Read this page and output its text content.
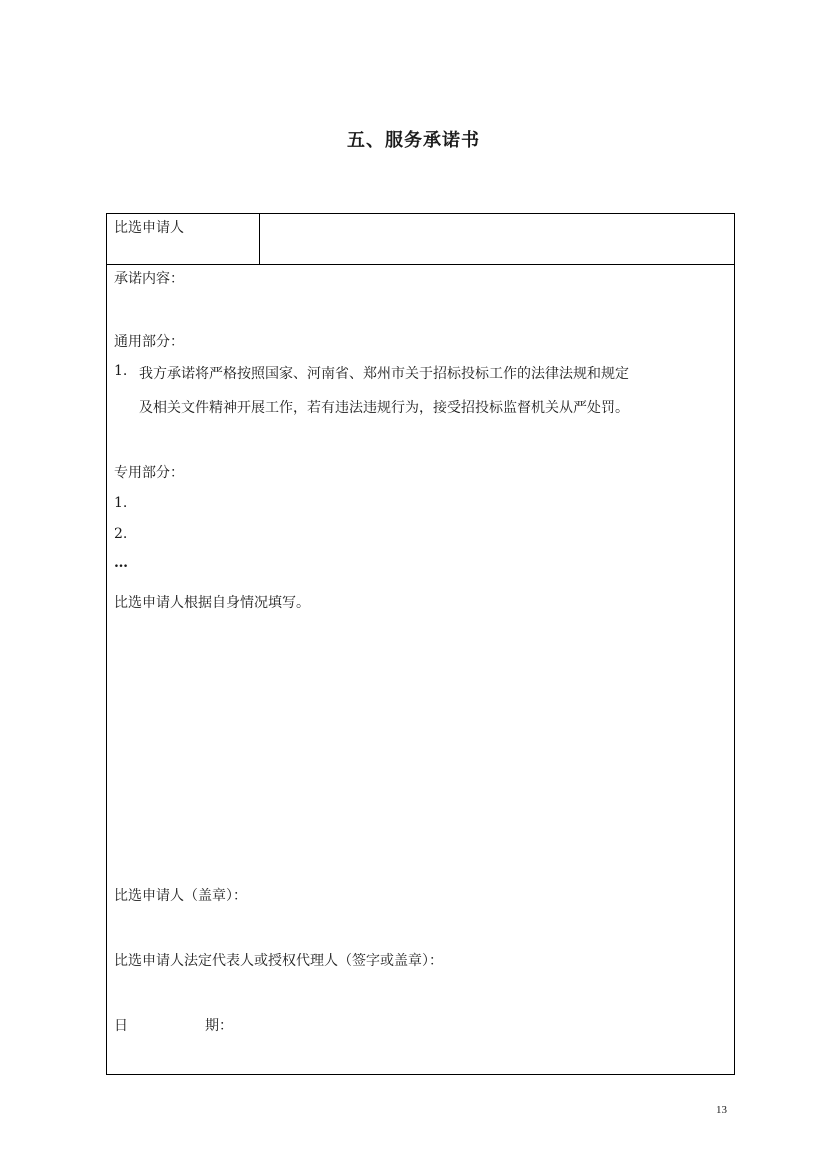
五、服务承诺书
比选申请人
承诺内容：
通用部分：
1. 我方承诺将严格按照国家、河南省、郑州市关于招标投标工作的法律法规和规定
及相关文件精神开展工作，若有违法违规行为，接受招投标监督机关从严处罚。
专用部分：
1.
2.
…
比选申请人根据自身情况填写。
比选申请人（盖章）：
比选申请人法定代表人或授权代理人（签字或盖章）：
日	期：
13
